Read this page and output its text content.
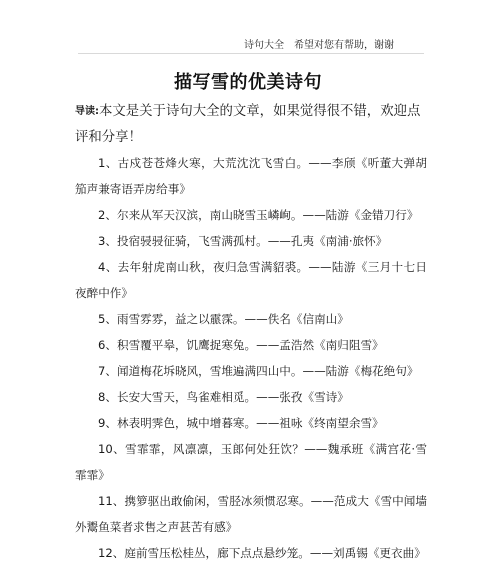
诗句大全　希望对您有帮助，谢谢
描写雪的优美诗句

导读:本文是关于诗句大全的文章，如果觉得很不错，欢迎点评和分享！

1、古戍苍苍烽火寒，大荒沈沈飞雪白。——李颀《听董大弹胡笳声兼寄语弄房给事》
2、尔来从军天汉滨，南山晓雪玉嶙峋。——陆游《金错刀行》
3、投宿骎骎征骑，飞雪满孤村。——孔夷《南浦·旅怀》
4、去年射虎南山秋，夜归急雪满貂裘。——陆游《三月十七日夜醉中作》
5、雨雪雰雰，益之以霢霂。——佚名《信南山》
6、积雪覆平皋，饥鹰捉寒兔。——孟浩然《南归阻雪》
7、闻道梅花坼晓风，雪堆遍满四山中。——陆游《梅花绝句》
8、长安大雪天，鸟雀难相觅。——张孜《雪诗》
9、林表明霁色，城中增暮寒。——祖咏《终南望余雪》
10、雪霏霏，风凛凛，玉郎何处狂饮？——魏承班《满宫花·雪霏霏》
11、携箩驱出敢偷闲，雪胫冰须惯忍寒。——范成大《雪中闻墙外鬻鱼菜者求售之声甚苦有感》
12、庭前雪压松桂丛，廊下点点悬纱笼。——刘禹锡《更衣曲》
